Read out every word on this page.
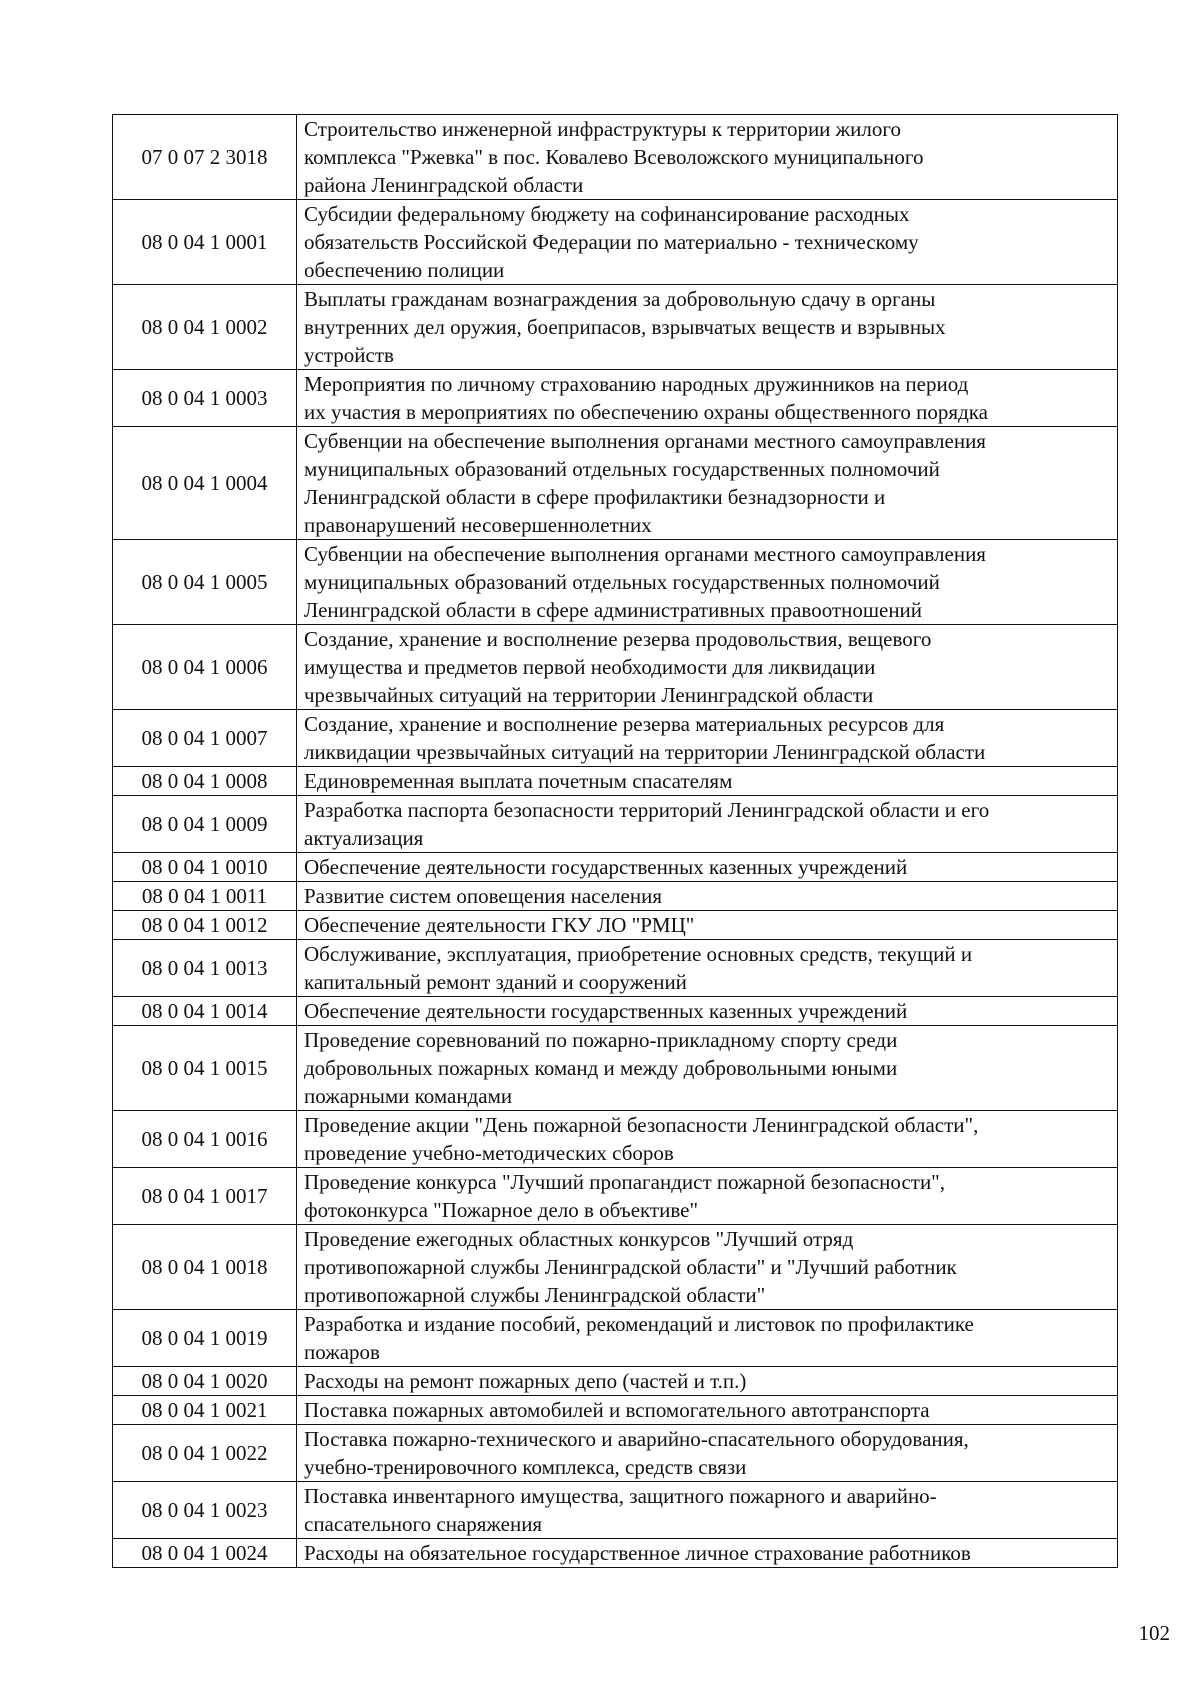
07 0 07 2 3018	Строительство инженерной инфраструктуры к территории жилого
комплекса "Ржевка" в пос. Ковалево Всеволожского муниципального
района Ленинградской области
08 0 04 1 0001	Субсидии федеральному бюджету на софинансирование расходных
обязательств Российской Федерации по материально - техническому
обеспечению полиции
08 0 04 1 0002	Выплаты гражданам вознаграждения за добровольную сдачу в органы
внутренних дел оружия, боеприпасов, взрывчатых веществ и взрывных
устройств
08 0 04 1 0003	Мероприятия по личному страхованию народных дружинников на период
их участия в мероприятиях по обеспечению охраны общественного порядка
08 0 04 1 0004	Субвенции на обеспечение выполнения органами местного самоуправления
муниципальных образований отдельных государственных полномочий
Ленинградской области в сфере профилактики безнадзорности и
правонарушений несовершеннолетних
08 0 04 1 0005	Субвенции на обеспечение выполнения органами местного самоуправления
муниципальных образований отдельных государственных полномочий
Ленинградской области в сфере административных правоотношений
08 0 04 1 0006	Создание, хранение и восполнение резерва продовольствия, вещевого
имущества и предметов первой необходимости для ликвидации
чрезвычайных ситуаций на территории Ленинградской области
08 0 04 1 0007	Создание, хранение и восполнение резерва материальных ресурсов для
ликвидации чрезвычайных ситуаций на территории Ленинградской области
08 0 04 1 0008	Единовременная выплата почетным спасателям
08 0 04 1 0009	Разработка паспорта безопасности территорий Ленинградской области и его
актуализация
08 0 04 1 0010	Обеспечение деятельности государственных казенных учреждений
08 0 04 1 0011	Развитие систем оповещения населения
08 0 04 1 0012	Обеспечение деятельности ГКУ ЛО "РМЦ"
08 0 04 1 0013	Обслуживание, эксплуатация, приобретение основных средств, текущий и
капитальный ремонт зданий и сооружений
08 0 04 1 0014	Обеспечение деятельности государственных казенных учреждений
08 0 04 1 0015	Проведение соревнований по пожарно-прикладному спорту среди
добровольных пожарных команд и между добровольными юными
пожарными командами
08 0 04 1 0016	Проведение акции "День пожарной безопасности Ленинградской области",
проведение учебно-методических сборов
08 0 04 1 0017	Проведение конкурса "Лучший пропагандист пожарной безопасности",
фотоконкурса "Пожарное дело в объективе"
08 0 04 1 0018	Проведение ежегодных областных конкурсов "Лучший отряд
противопожарной службы Ленинградской области" и "Лучший работник
противопожарной службы Ленинградской области"
08 0 04 1 0019	Разработка и издание пособий, рекомендаций и листовок по профилактике
пожаров
08 0 04 1 0020	Расходы на ремонт пожарных депо (частей и т.п.)
08 0 04 1 0021	Поставка пожарных автомобилей и вспомогательного автотранспорта
08 0 04 1 0022	Поставка пожарно-технического и аварийно-спасательного оборудования,
учебно-тренировочного комплекса, средств связи
08 0 04 1 0023	Поставка инвентарного имущества, защитного пожарного и аварийно-
спасательного снаряжения
08 0 04 1 0024	Расходы на обязательное государственное личное страхование работников
102
